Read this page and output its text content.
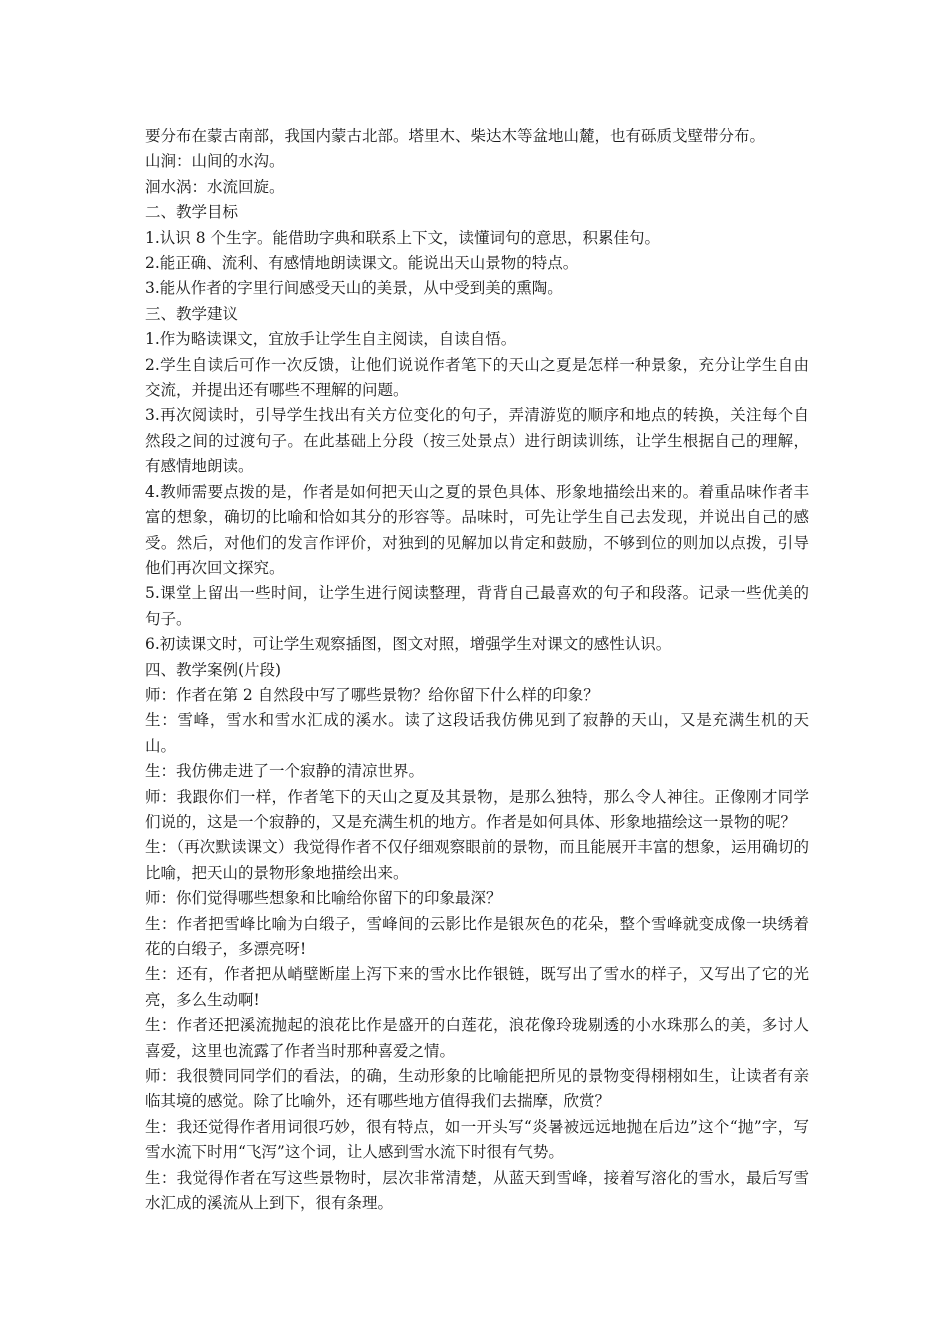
要分布在蒙古南部，我国内蒙古北部。塔里木、柴达木等盆地山麓，也有砾质戈壁带分布。

山涧：山间的水沟。

洄水涡：水流回旋。

二、教学目标

1.认识 8 个生字。能借助字典和联系上下文，读懂词句的意思，积累佳句。

2.能正确、流利、有感情地朗读课文。能说出天山景物的特点。

3.能从作者的字里行间感受天山的美景，从中受到美的熏陶。

三、教学建议

1.作为略读课文，宜放手让学生自主阅读，自读自悟。

2.学生自读后可作一次反馈，让他们说说作者笔下的天山之夏是怎样一种景象，充分让学生自由交流，并提出还有哪些不理解的问题。

3.再次阅读时，引导学生找出有关方位变化的句子，弄清游览的顺序和地点的转换，关注每个自然段之间的过渡句子。在此基础上分段（按三处景点）进行朗读训练，让学生根据自己的理解，有感情地朗读。

4.教师需要点拨的是，作者是如何把天山之夏的景色具体、形象地描绘出来的。着重品味作者丰富的想象，确切的比喻和恰如其分的形容等。品味时，可先让学生自己去发现，并说出自己的感受。然后，对他们的发言作评价，对独到的见解加以肯定和鼓励，不够到位的则加以点拨，引导他们再次回文探究。

5.课堂上留出一些时间，让学生进行阅读整理，背背自己最喜欢的句子和段落。记录一些优美的句子。

6.初读课文时，可让学生观察插图，图文对照，增强学生对课文的感性认识。

四、教学案例(片段)

师：作者在第 2 自然段中写了哪些景物？给你留下什么样的印象？

生：雪峰，雪水和雪水汇成的溪水。读了这段话我仿佛见到了寂静的天山，又是充满生机的天山。

生：我仿佛走进了一个寂静的清凉世界。

师：我跟你们一样，作者笔下的天山之夏及其景物，是那么独特，那么令人神往。正像刚才同学们说的，这是一个寂静的，又是充满生机的地方。作者是如何具体、形象地描绘这一景物的呢？

生：（再次默读课文）我觉得作者不仅仔细观察眼前的景物，而且能展开丰富的想象，运用确切的比喻，把天山的景物形象地描绘出来。

师：你们觉得哪些想象和比喻给你留下的印象最深？

生：作者把雪峰比喻为白缎子，雪峰间的云影比作是银灰色的花朵，整个雪峰就变成像一块绣着花的白缎子，多漂亮呀!

生：还有，作者把从峭壁断崖上泻下来的雪水比作银链，既写出了雪水的样子，又写出了它的光亮，多么生动啊!

生：作者还把溪流抛起的浪花比作是盛开的白莲花，浪花像玲珑剔透的小水珠那么的美，多讨人喜爱，这里也流露了作者当时那种喜爱之情。

师：我很赞同同学们的看法，的确，生动形象的比喻能把所见的景物变得栩栩如生，让读者有亲临其境的感觉。除了比喻外，还有哪些地方值得我们去揣摩，欣赏？

生：我还觉得作者用词很巧妙，很有特点，如一开头写“炎暑被远远地抛在后边”这个“抛”字，写雪水流下时用“飞泻”这个词，让人感到雪水流下时很有气势。

生：我觉得作者在写这些景物时，层次非常清楚，从蓝天到雪峰，接着写溶化的雪水，最后写雪水汇成的溪流从上到下，很有条理。
